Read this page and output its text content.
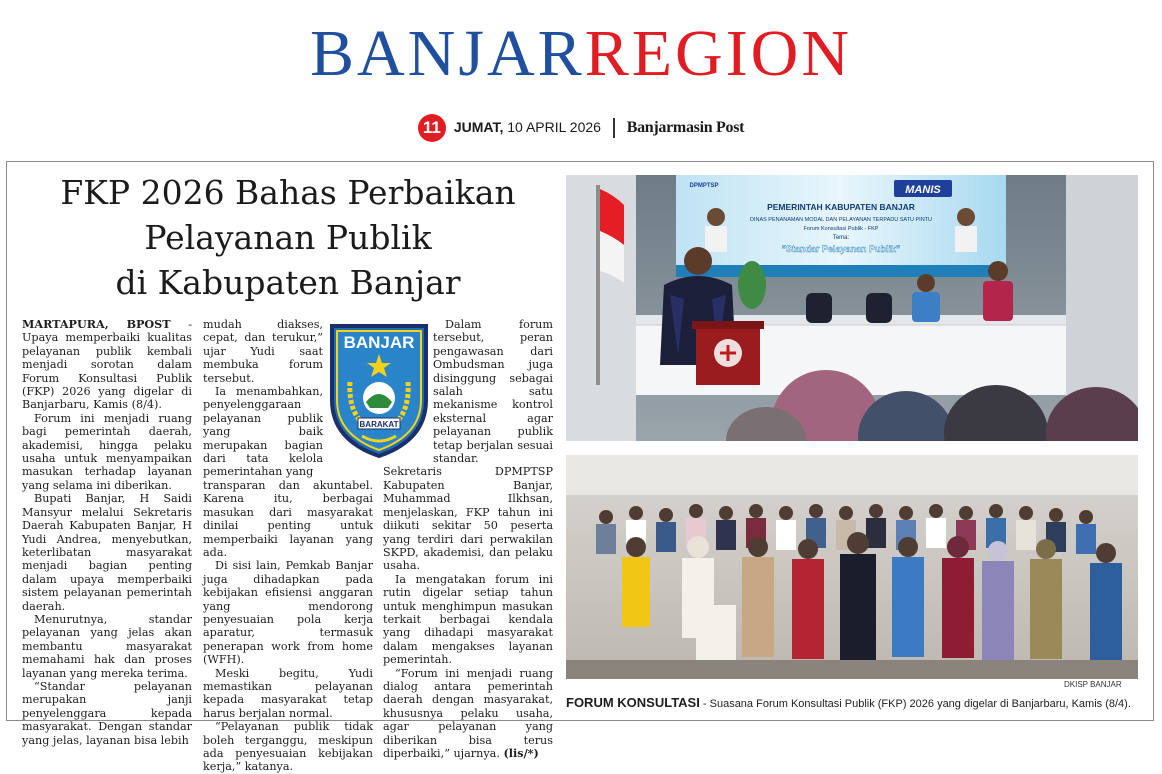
BANJARREGION
11 JUMAT, 10 APRIL 2026 Banjarmasin Post
FKP 2026 Bahas Perbaikan
Pelayanan Publik
di Kabupaten Banjar

MARTAPURA, BPOST - Upaya memperbaiki kualitas pelayanan publik kembali menjadi sorotan dalam Forum Konsultasi Publik (FKP) 2026 yang digelar di Banjarbaru, Kamis (8/4).

Forum ini menjadi ruang bagi pemerintah daerah, akademisi, hingga pelaku usaha untuk menyampaikan masukan terhadap layanan yang selama ini diberikan.

Bupati Banjar, H Saidi Mansyur melalui Sekretaris Daerah Kabupaten Banjar, H Yudi Andrea, menyebutkan, keterlibatan masyarakat menjadi bagian penting dalam upaya memperbaiki sistem pelayanan pemerintah daerah.

Menurutnya, standar pelayanan yang jelas akan membantu masyarakat memahami hak dan proses layanan yang mereka terima.

“Standar pelayanan merupakan janji penyelenggara kepada masyarakat. Dengan standar yang jelas, layanan bisa lebih

mudah diakses, cepat, dan terukur,” ujar Yudi saat membuka forum tersebut.

Ia menambahkan, penyelenggaraan pelayanan publik yang baik merupakan bagian dari tata kelola pemerintahan yang

transparan dan akuntabel. Karena itu, berbagai masukan dari masyarakat dinilai penting untuk memperbaiki layanan yang ada.

Di sisi lain, Pemkab Banjar juga dihadapkan pada kebijakan efisiensi anggaran yang mendorong penyesuaian pola kerja aparatur, termasuk penerapan work from home (WFH).

Meski begitu, Yudi memastikan pelayanan kepada masyarakat tetap harus berjalan normal.

“Pelayanan publik tidak boleh terganggu, meskipun ada penyesuaian kebijakan kerja,” katanya.

Dalam forum tersebut, peran pengawasan dari Ombudsman juga disinggung sebagai salah satu mekanisme kontrol eksternal agar pelayanan publik tetap berjalan sesuai standar.

Sekretaris DPMPTSP Kabupaten Banjar, Muhammad Ilkhsan, menjelaskan, FKP tahun ini diikuti sekitar 50 peserta yang terdiri dari perwakilan SKPD, akademisi, dan pelaku usaha.

Ia mengatakan forum ini rutin digelar setiap tahun untuk menghimpun masukan terkait berbagai kendala yang dihadapi masyarakat dalam mengakses layanan pemerintah.

“Forum ini menjadi ruang dialog antara pemerintah daerah dengan masyarakat, khususnya pelaku usaha, agar pelayanan yang diberikan bisa terus diperbaiki,” ujarnya. (lis/*)

BANJAR
BARAKAT
PEMERINTAH KABUPATEN BANJAR
DINAS PENANAMAN MODAL DAN PELAYANAN TERPADU SATU PINTU
Forum Konsultasi Publik - FKP
Tema:
“Standar Pelayanan Publik”
MANIS
DPMPTSP
DKISP BANJAR
FORUM KONSULTASI - Suasana Forum Konsultasi Publik (FKP) 2026 yang digelar di Banjarbaru, Kamis (8/4).
